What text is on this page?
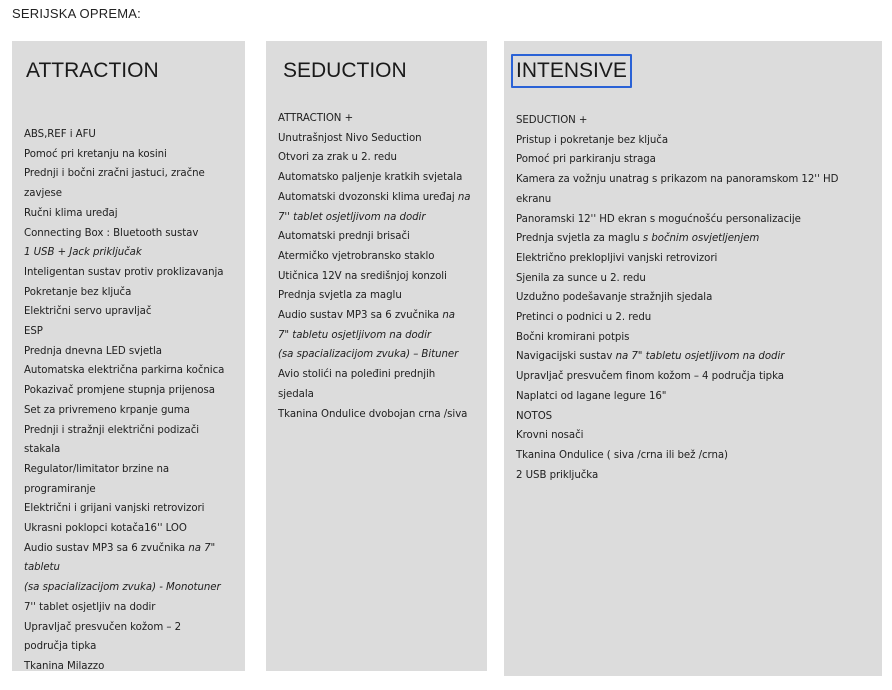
SERIJSKA OPREMA:
ATTRACTION
ABS,REF i AFU
Pomoć pri kretanju na kosini
Prednji i bočni zračni jastuci, zračne
zavjese
Ručni klima uređaj
Connecting Box : Bluetooth sustav
1 USB + Jack priključak
Inteligentan sustav protiv proklizavanja
Pokretanje bez ključa
Električni servo upravljač
ESP
Prednja dnevna LED svjetla
Automatska električna parkirna kočnica
Pokazivač promjene stupnja prijenosa
Set za privremeno krpanje guma
Prednji i stražnji električni podizači
stakala
Regulator/limitator brzine na
programiranje
Električni i grijani vanjski retrovizori
Ukrasni poklopci kotača16'' LOO
Audio sustav MP3 sa 6 zvučnika na 7"
tabletu
(sa spacializacijom zvuka) - Monotuner
7'' tablet osjetljiv na dodir
Upravljač presvučen kožom – 2
područja tipka
Tkanina Milazzo
SEDUCTION
ATTRACTION +
Unutrašnjost Nivo Seduction
Otvori za zrak u 2. redu
Automatsko paljenje kratkih svjetala
Automatski dvozonski klima uređaj na
7'' tablet osjetljivom na dodir
Automatski prednji brisači
Atermičko vjetrobransko staklo
Utičnica 12V na središnjoj konzoli
Prednja svjetla za maglu
Audio sustav MP3 sa 6 zvučnika na
7" tabletu osjetljivom na dodir
(sa spacializacijom zvuka) – Bituner
Avio stolići na poleđini prednjih
sjedala
Tkanina Ondulice dvobojan crna /siva
INTENSIVE
SEDUCTION +
Pristup i pokretanje bez ključa
Pomoć pri parkiranju straga
Kamera za vožnju unatrag s prikazom na panoramskom 12'' HD
ekranu
Panoramski 12'' HD ekran s mogućnošću personalizacije
Prednja svjetla za maglu s bočnim osvjetljenjem
Električno preklopljivi vanjski retrovizori
Sjenila za sunce u 2. redu
Uzdužno podešavanje stražnjih sjedala
Pretinci o podnici u 2. redu
Bočni kromirani potpis
Navigacijski sustav na 7" tabletu osjetljivom na dodir
Upravljač presvučem finom kožom – 4 područja tipka
Naplatci od lagane legure 16"
NOTOS
Krovni nosači
Tkanina Ondulice ( siva /crna ili bež /crna)
2 USB priključka
